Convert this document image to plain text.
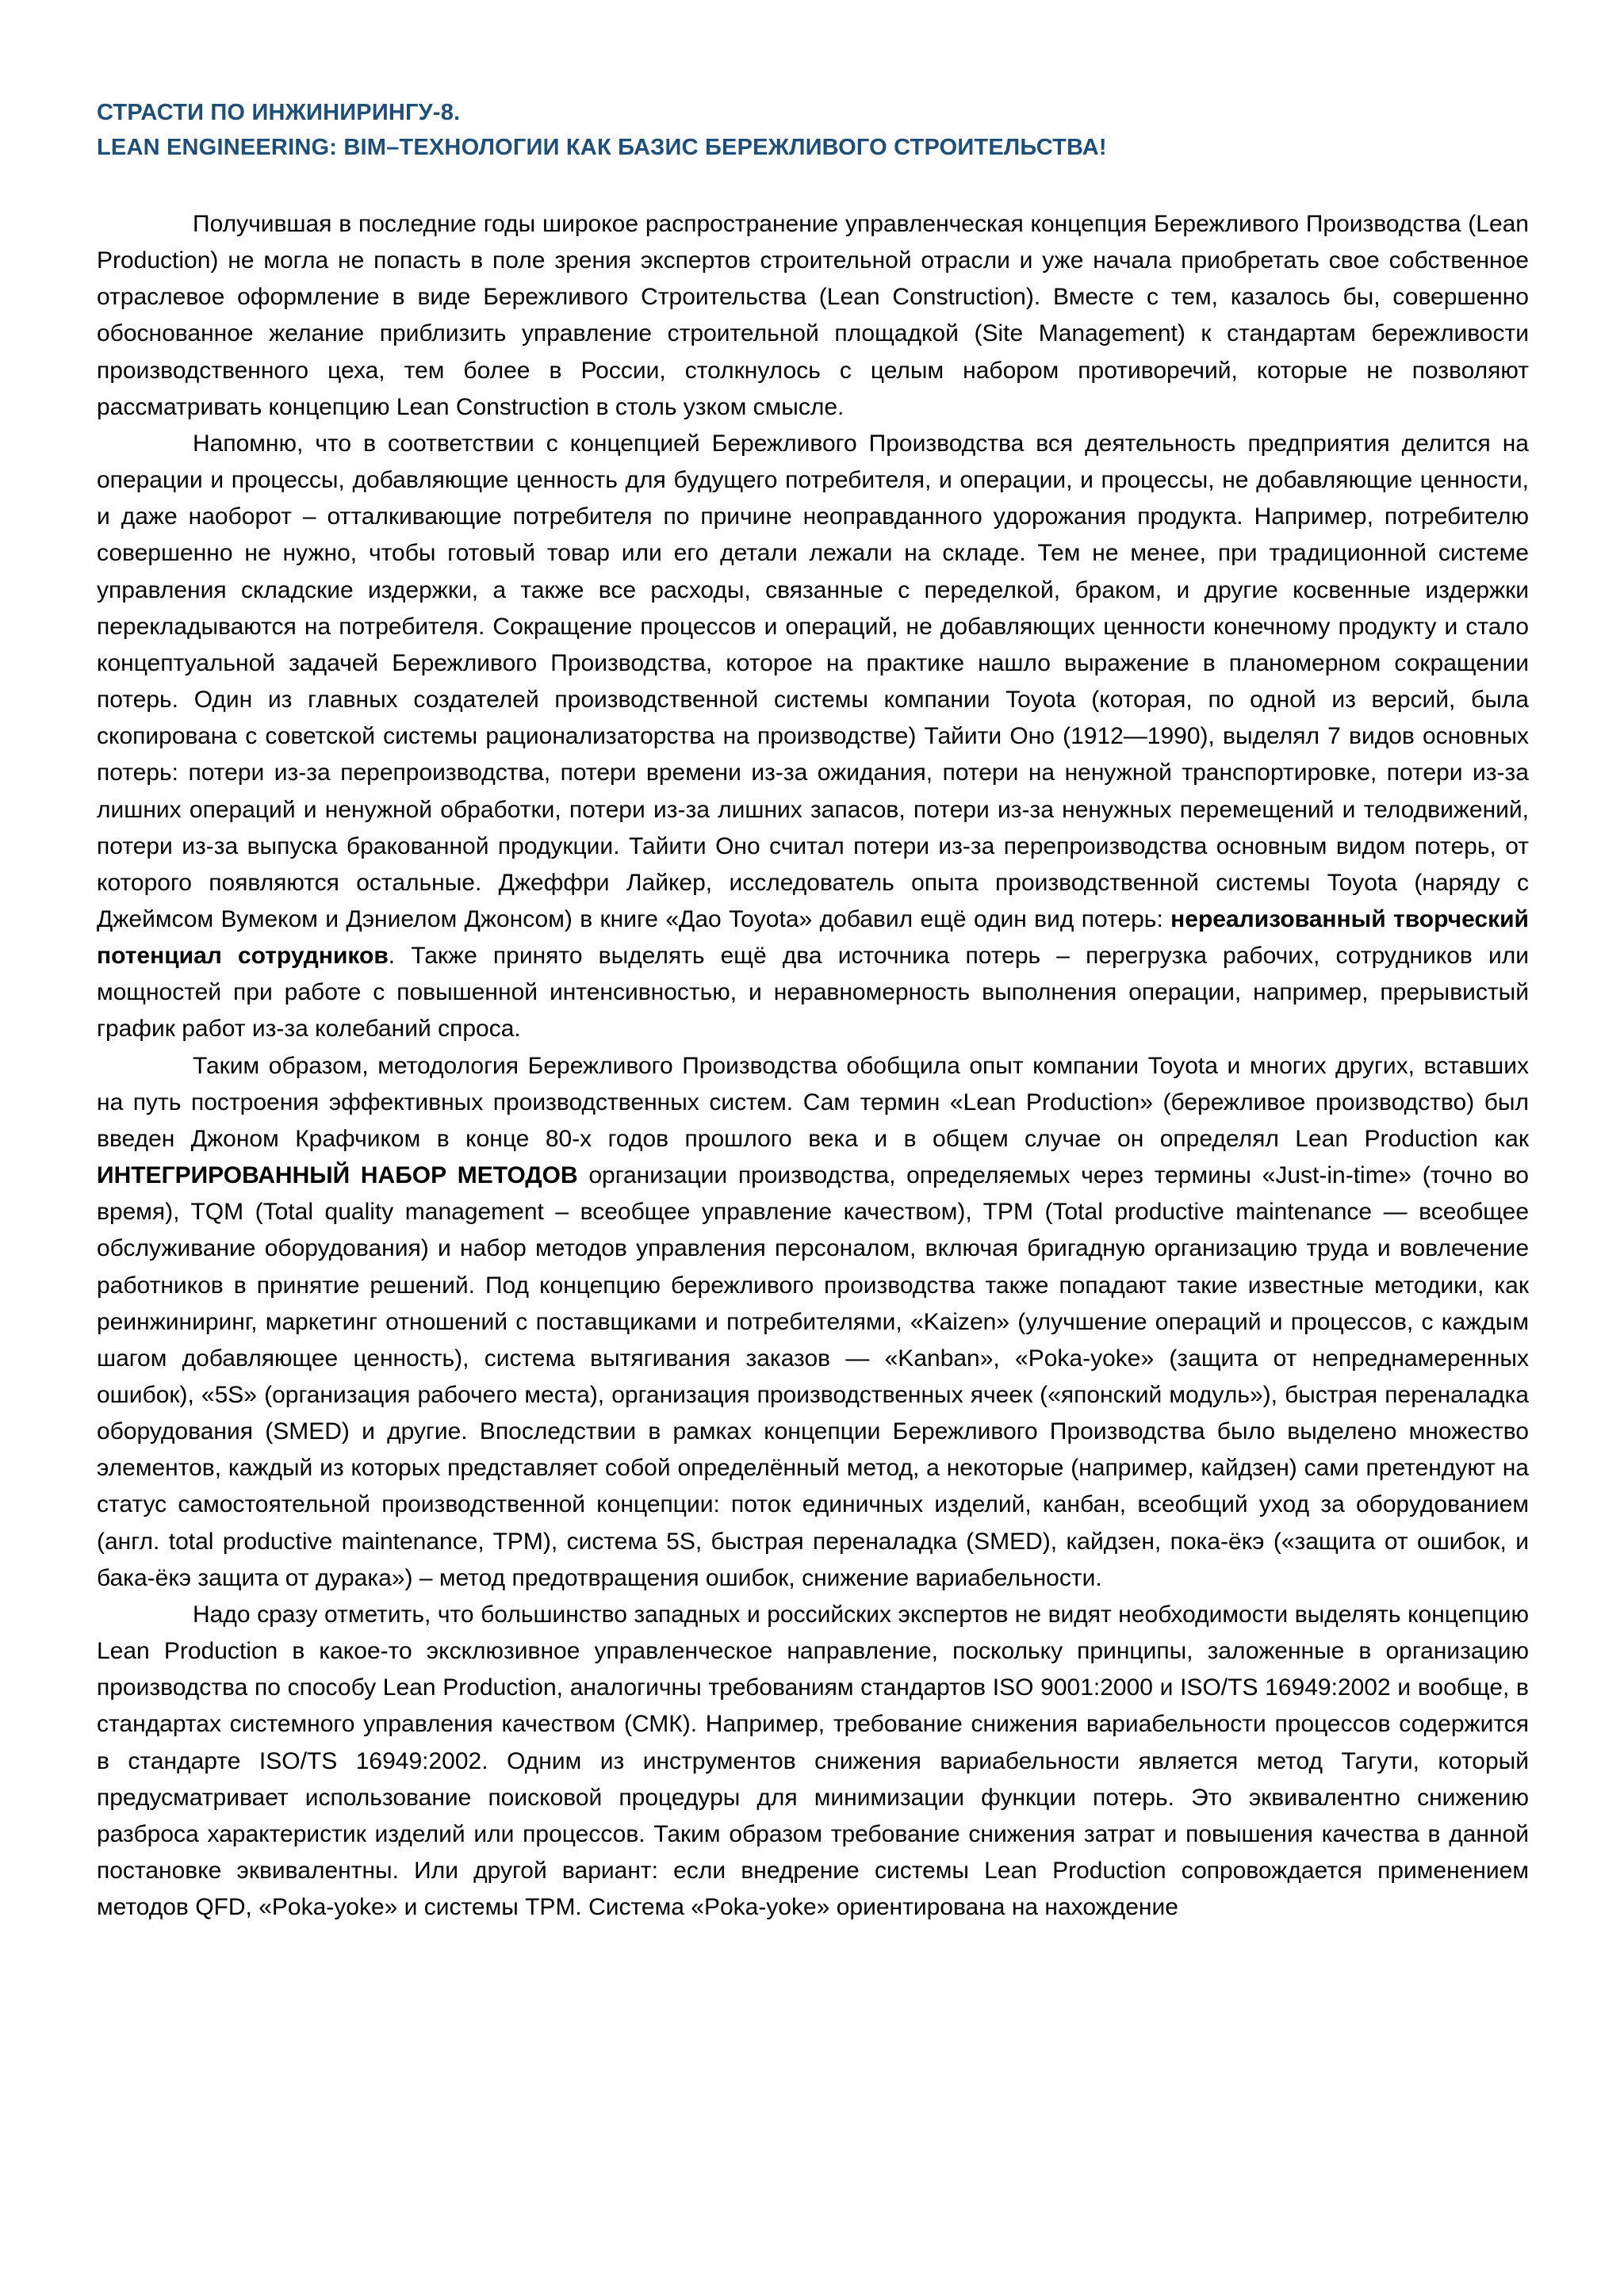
СТРАСТИ ПО ИНЖИНИРИНГУ-8.
LEAN ENGINEERING: BIM–ТЕХНОЛОГИИ КАК БАЗИС БЕРЕЖЛИВОГО СТРОИТЕЛЬСТВА!

Получившая в последние годы широкое распространение управленческая концепция Бережливого Производства (Lean Production) не могла не попасть в поле зрения экспертов строительной отрасли и уже начала приобретать свое собственное отраслевое оформление в виде Бережливого Строительства (Lean Construction). Вместе с тем, казалось бы, совершенно обоснованное желание приблизить управление строительной площадкой (Site Management) к стандартам бережливости производственного цеха, тем более в России, столкнулось с целым набором противоречий, которые не позволяют рассматривать концепцию Lean Construction в столь узком смысле.

Напомню, что в соответствии с концепцией Бережливого Производства вся деятельность предприятия делится на операции и процессы, добавляющие ценность для будущего потребителя, и операции, и процессы, не добавляющие ценности, и даже наоборот – отталкивающие потребителя по причине неоправданного удорожания продукта. Например, потребителю совершенно не нужно, чтобы готовый товар или его детали лежали на складе. Тем не менее, при традиционной системе управления складские издержки, а также все расходы, связанные с переделкой, браком, и другие косвенные издержки перекладываются на потребителя. Сокращение процессов и операций, не добавляющих ценности конечному продукту и стало концептуальной задачей Бережливого Производства, которое на практике нашло выражение в планомерном сокращении потерь. Один из главных создателей производственной системы компании Toyota (которая, по одной из версий, была скопирована с советской системы рационализаторства на производстве) Тайити Оно (1912—1990), выделял 7 видов основных потерь: потери из-за перепроизводства, потери времени из-за ожидания, потери на ненужной транспортировке, потери из-за лишних операций и ненужной обработки, потери из-за лишних запасов, потери из-за ненужных перемещений и телодвижений, потери из-за выпуска бракованной продукции. Тайити Оно считал потери из-за перепроизводства основным видом потерь, от которого появляются остальные. Джеффри Лайкер, исследователь опыта производственной системы Toyota (наряду с Джеймсом Вумеком и Дэниелом Джонсом) в книге «Дао Toyota» добавил ещё один вид потерь: нереализованный творческий потенциал сотрудников. Также принято выделять ещё два источника потерь – перегрузка рабочих, сотрудников или мощностей при работе с повышенной интенсивностью, и неравномерность выполнения операции, например, прерывистый график работ из-за колебаний спроса.

Таким образом, методология Бережливого Производства обобщила опыт компании Toyota и многих других, вставших на путь построения эффективных производственных систем. Сам термин «Lean Production» (бережливое производство) был введен Джоном Крафчиком в конце 80-х годов прошлого века и в общем случае он определял Lean Production как ИНТЕГРИРОВАННЫЙ НАБОР МЕТОДОВ организации производства, определяемых через термины «Just-in-time» (точно во время), TQM (Total quality management – всеобщее управление качеством), TPM (Total productive maintenance — всеобщее обслуживание оборудования) и набор методов управления персоналом, включая бригадную организацию труда и вовлечение работников в принятие решений. Под концепцию бережливого производства также попадают такие известные методики, как реинжиниринг, маркетинг отношений с поставщиками и потребителями, «Kaizen» (улучшение операций и процессов, с каждым шагом добавляющее ценность), система вытягивания заказов — «Kanban», «Poka-yoke» (защита от непреднамеренных ошибок), «5S» (организация рабочего места), организация производственных ячеек («японский модуль»), быстрая переналадка оборудования (SMED) и другие. Впоследствии в рамках концепции Бережливого Производства было выделено множество элементов, каждый из которых представляет собой определённый метод, а некоторые (например, кайдзен) сами претендуют на статус самостоятельной производственной концепции: поток единичных изделий, канбан, всеобщий уход за оборудованием (англ. total productive maintenance, TPM), система 5S, быстрая переналадка (SMED), кайдзен, пока-ёкэ («защита от ошибок, и бака-ёкэ защита от дурака») – метод предотвращения ошибок, снижение вариабельности.

Надо сразу отметить, что большинство западных и российских экспертов не видят необходимости выделять концепцию Lean Production в какое-то эксклюзивное управленческое направление, поскольку принципы, заложенные в организацию производства по способу Lean Production, аналогичны требованиям стандартов ISO 9001:2000 и ISO/TS 16949:2002 и вообще, в стандартах системного управления качеством (СМК). Например, требование снижения вариабельности процессов содержится в стандарте ISO/TS 16949:2002. Одним из инструментов снижения вариабельности является метод Тагути, который предусматривает использование поисковой процедуры для минимизации функции потерь. Это эквивалентно снижению разброса характеристик изделий или процессов. Таким образом требование снижения затрат и повышения качества в данной постановке эквивалентны. Или другой вариант: если внедрение системы Lean Production сопровождается применением методов QFD, «Poka-yoke» и системы TPM. Система «Poka-yoke» ориентирована на нахождение
